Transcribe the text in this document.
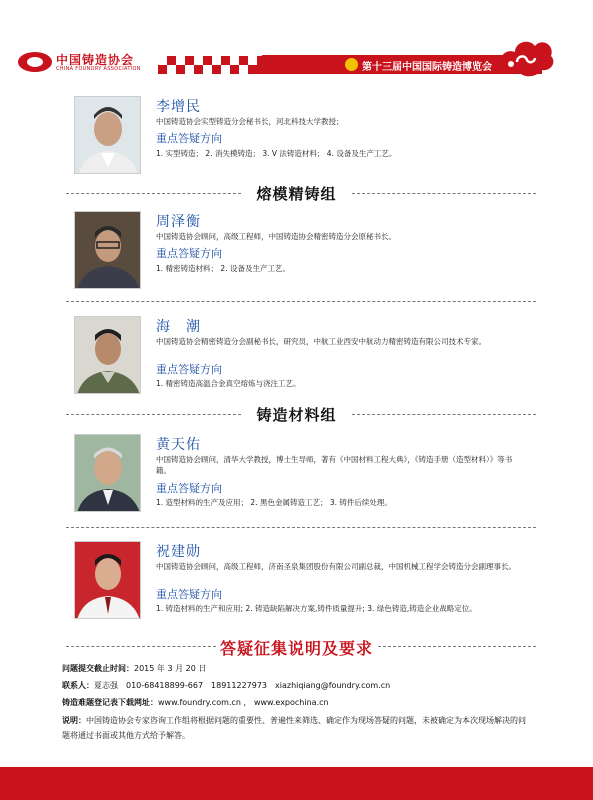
中国铸造协会
CHINA FOUNDRY ASSOCIATION	第十三届中国国际铸造博览会
李增民
中国铸造协会实型铸造分会秘书长，河北科技大学教授；
重点答疑方向
1. 实型铸造； 2. 消失模铸造； 3. V 法铸造材料； 4. 设备及生产工艺。
熔模精铸组
周泽衡
中国铸造协会顾问，高级工程师，中国铸造协会精密铸造分会原秘书长。
重点答疑方向
1. 精密铸造材料； 2. 设备及生产工艺。
海　潮
中国铸造协会精密铸造分会副秘书长，研究员，中航工业西安中航动力精密铸造有限公司技术专家。
重点答疑方向
1. 精密铸造高温合金真空熔炼与浇注工艺。
铸造材料组
黄天佑
中国铸造协会顾问，清华大学教授，博士生导师，著有《中国材料工程大典》，《铸造手册（造型材料）》等书籍。
重点答疑方向
1. 造型材料的生产及应用； 2. 黑色金属铸造工艺； 3. 铸件后续处理。
祝建勋
中国铸造协会顾问，高级工程师，济南圣泉集团股份有限公司副总裁，中国机械工程学会铸造分会副理事长。
重点答疑方向
1. 铸造材料的生产和应用; 2. 铸造缺陷解决方案,铸件质量提升; 3. 绿色铸造,铸造企业战略定位。
答疑征集说明及要求
问题提交截止时间：2015 年 3 月 20 日
联系人：夏志强　010-68418899-667　18911227973　xiazhiqiang@foundry.com.cn
铸造难题登记表下载网址：www.foundry.com.cn ， www.expochina.cn
说明：中国铸造协会专家咨询工作组将根据问题的重要性、普遍性来筛选、确定作为现场答疑的问题，未被确定为本次现场解决的问题将通过书面或其他方式给予解答。
